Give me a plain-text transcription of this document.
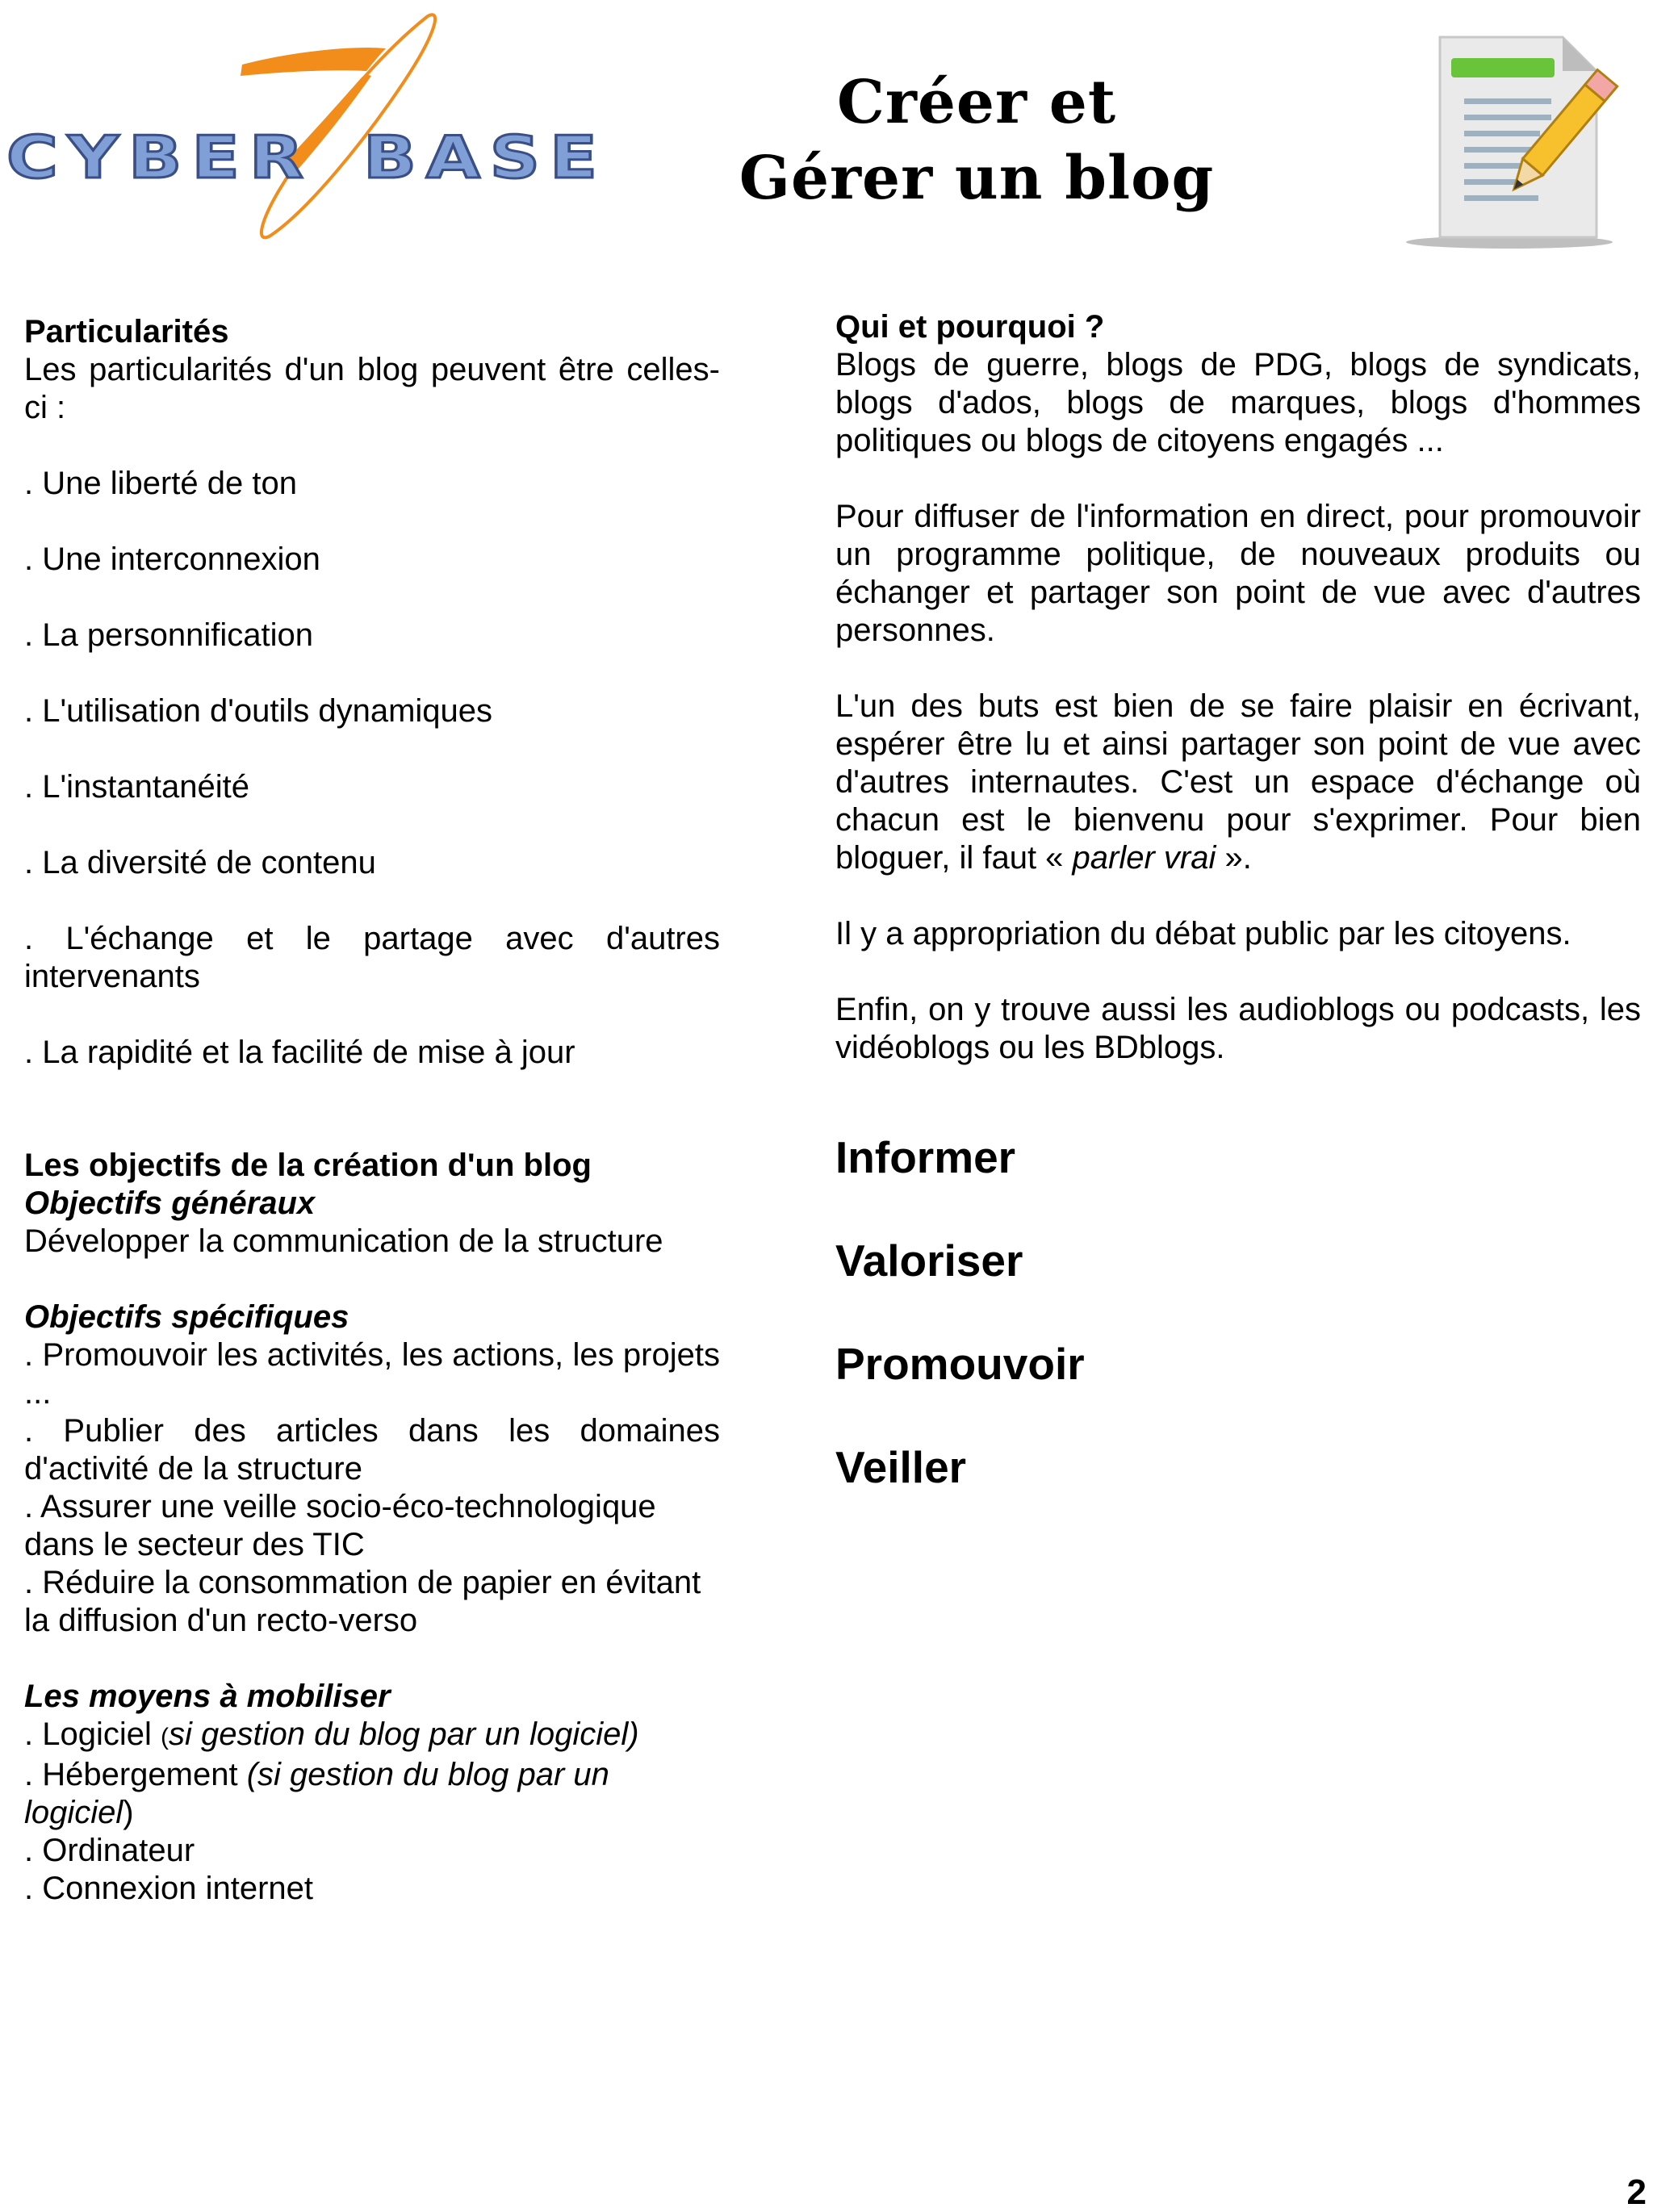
CYBER BASE
Créer et
Gérer un blog

Particularités

Les particularités d'un blog peuvent être celles-ci :

. Une liberté de ton

. Une interconnexion

. La personnification

. L'utilisation d'outils dynamiques

. L'instantanéité

. La diversité de contenu

. L'échange et le partage avec d'autres intervenants

. La rapidité et la facilité de mise à jour

Les objectifs de la création d'un blog

Objectifs généraux

Développer la communication de la structure

Objectifs spécifiques

. Promouvoir les activités, les actions, les projets ...

. Publier des articles dans les domaines d'activité de la structure

. Assurer une veille socio-éco-technologique dans le secteur des TIC

. Réduire la consommation de papier en évitant la diffusion d'un recto-verso

Les moyens à mobiliser

. Logiciel (si gestion du blog par un logiciel)

. Hébergement (si gestion du blog par un logiciel)

. Ordinateur

. Connexion internet

Qui et pourquoi ?

Blogs de guerre, blogs de PDG, blogs de syndicats, blogs d'ados, blogs de marques, blogs d'hommes politiques ou blogs de citoyens engagés ...

Pour diffuser de l'information en direct, pour promouvoir un programme politique, de nouveaux produits ou échanger et partager son point de vue avec d'autres personnes.

L'un des buts est bien de se faire plaisir en écrivant, espérer être lu et ainsi partager son point de vue avec d'autres internautes. C'est un espace d'échange où chacun est le bienvenu pour s'exprimer. Pour bien bloguer, il faut « parler vrai ».

Il y a appropriation du débat public par les citoyens.

Enfin, on y trouve aussi les audioblogs ou podcasts, les vidéoblogs ou les BDblogs.

Informer

Valoriser

Promouvoir

Veiller

2
